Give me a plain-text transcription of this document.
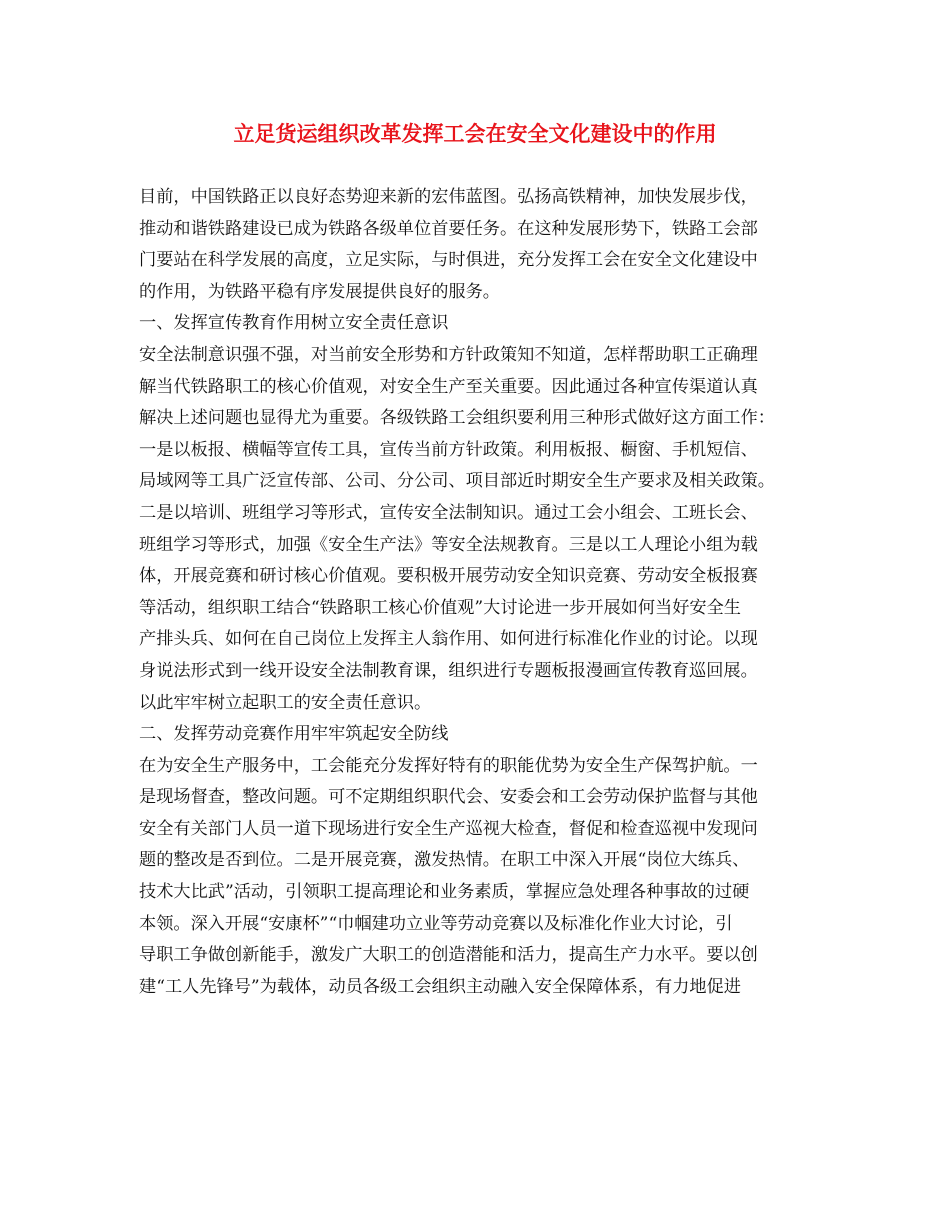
立足货运组织改革发挥工会在安全文化建设中的作用
目前，中国铁路正以良好态势迎来新的宏伟蓝图。弘扬高铁精神，加快发展步伐，
推动和谐铁路建设已成为铁路各级单位首要任务。在这种发展形势下，铁路工会部
门要站在科学发展的高度，立足实际，与时俱进，充分发挥工会在安全文化建设中
的作用，为铁路平稳有序发展提供良好的服务。
一、发挥宣传教育作用树立安全责任意识
安全法制意识强不强，对当前安全形势和方针政策知不知道，怎样帮助职工正确理
解当代铁路职工的核心价值观，对安全生产至关重要。因此通过各种宣传渠道认真
解决上述问题也显得尤为重要。各级铁路工会组织要利用三种形式做好这方面工作：
一是以板报、横幅等宣传工具，宣传当前方针政策。利用板报、橱窗、手机短信、
局域网等工具广泛宣传部、公司、分公司、项目部近时期安全生产要求及相关政策。
二是以培训、班组学习等形式，宣传安全法制知识。通过工会小组会、工班长会、
班组学习等形式，加强《安全生产法》等安全法规教育。三是以工人理论小组为载
体，开展竞赛和研讨核心价值观。要积极开展劳动安全知识竞赛、劳动安全板报赛
等活动，组织职工结合“铁路职工核心价值观”大讨论进一步开展如何当好安全生
产排头兵、如何在自己岗位上发挥主人翁作用、如何进行标准化作业的讨论。以现
身说法形式到一线开设安全法制教育课，组织进行专题板报漫画宣传教育巡回展。
以此牢牢树立起职工的安全责任意识。
二、发挥劳动竞赛作用牢牢筑起安全防线
在为安全生产服务中，工会能充分发挥好特有的职能优势为安全生产保驾护航。一
是现场督查，整改问题。可不定期组织职代会、安委会和工会劳动保护监督与其他
安全有关部门人员一道下现场进行安全生产巡视大检查，督促和检查巡视中发现问
题的整改是否到位。二是开展竞赛，激发热情。在职工中深入开展“岗位大练兵、
技术大比武”活动，引领职工提高理论和业务素质，掌握应急处理各种事故的过硬
本领。深入开展“安康杯”“巾帼建功立业等劳动竞赛以及标准化作业大讨论，引
导职工争做创新能手，激发广大职工的创造潜能和活力，提高生产力水平。要以创
建“工人先锋号”为载体，动员各级工会组织主动融入安全保障体系，有力地促进
